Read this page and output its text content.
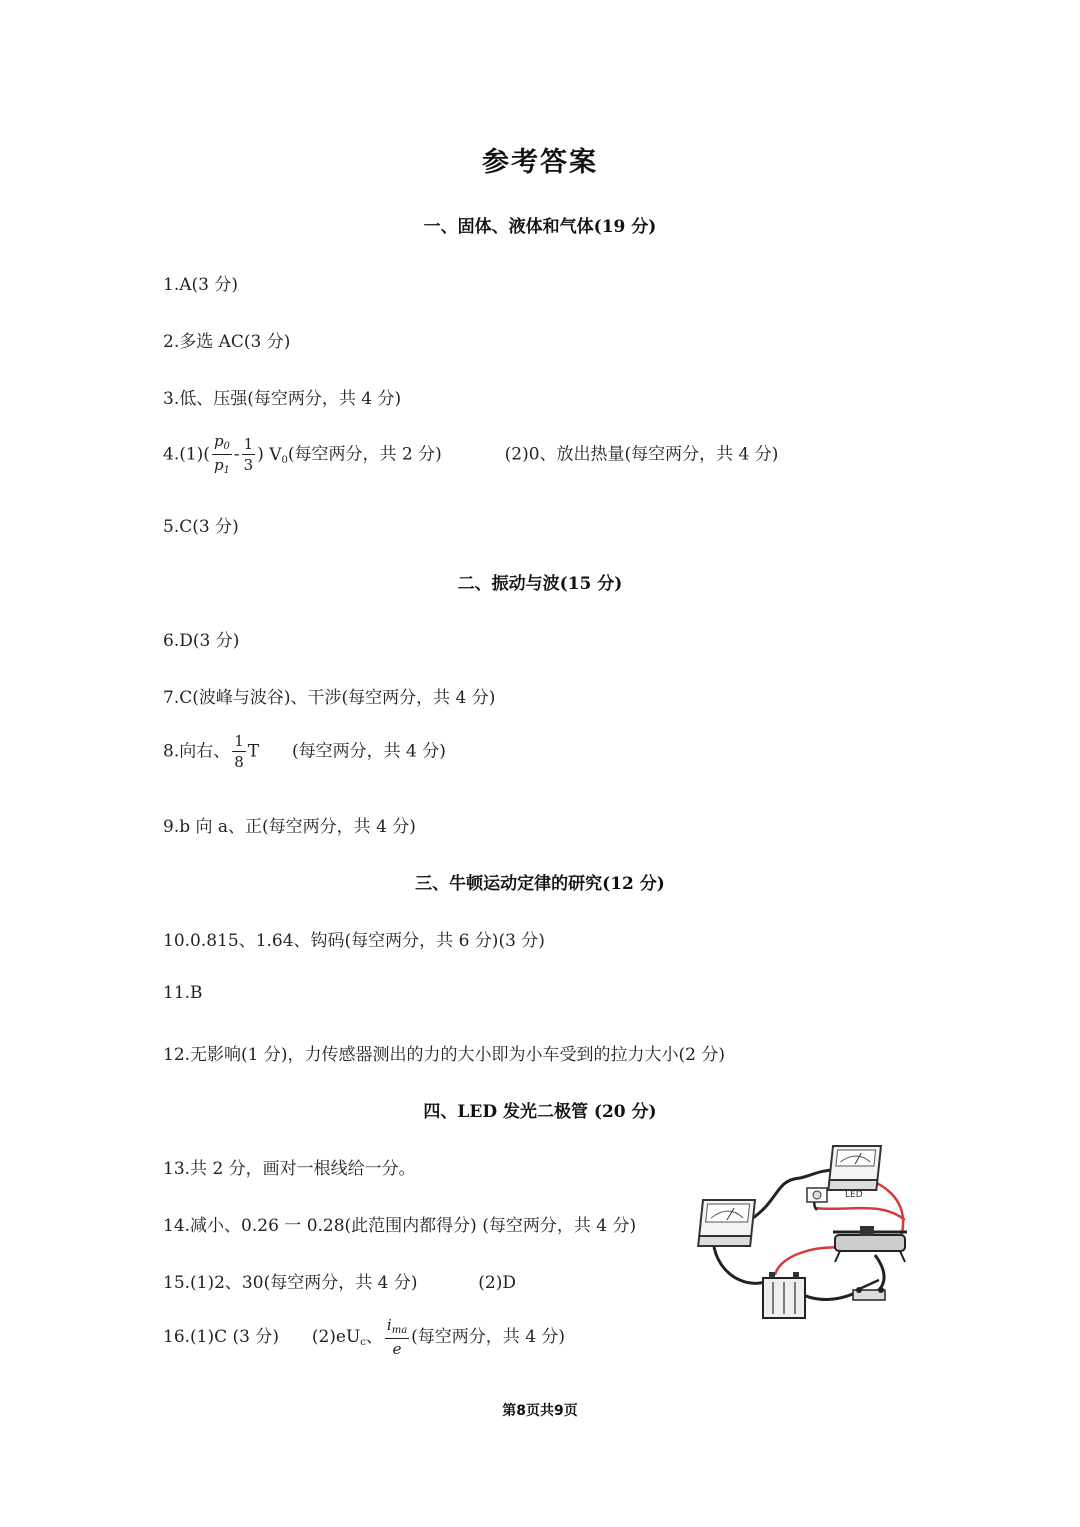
参考答案
一、固体、液体和气体(19 分)
1.A(3 分)
2.多选 AC(3 分)
3.低、压强(每空两分，共 4 分)
$4.(1)( \frac{p_0}{p_1} - \frac{1}{3}$ ) $V_0$(每空两分，共 2 分)	(2)0、放出热量(每空两分，共 4 分)
5.C(3 分)
二、振动与波(15 分)
6.D(3 分)
7.C(波峰与波谷)、干涉(每空两分，共 4 分)
8.向右、 $\frac{1}{8}$ T (每空两分，共 4 分)
9.b 向 a、正(每空两分，共 4 分)
三、牛顿运动定律的研究(12 分)
10.0.815、1.64、钩码(每空两分，共 6 分)(3 分)
11.B
12.无影响(1 分)，力传感器测出的力的大小即为小车受到的拉力大小(2 分)
四、LED 发光二极管 (20 分)
13.共 2 分，画对一根线给一分。
14.减小、0.26 一 0.28(此范围内都得分) (每空两分，共 4 分)
15.(1)2、30(每空两分，共 4 分)	(2)D
16.(1)C (3 分) $(2)eU_c$、 $\frac{i_{ma}}{e}$ (每空两分，共 4 分)
LED
第8页共9页
